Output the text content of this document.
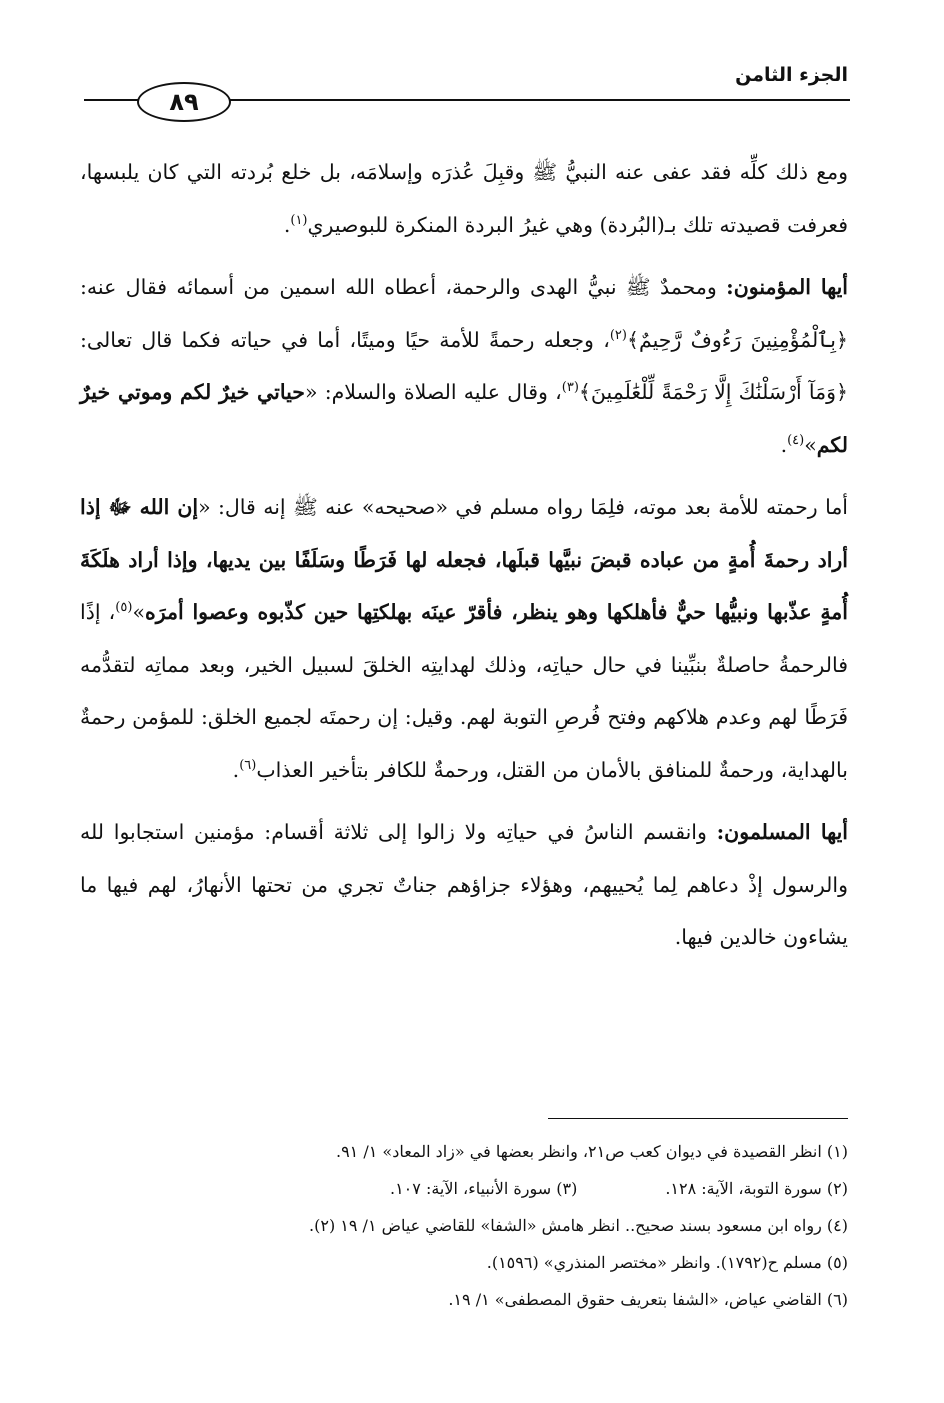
الجزء الثامن
٨٩

ومع ذلك كلِّه فقد عفى عنه النبيُّ ﷺ وقبِلَ عُذرَه وإسلامَه، بل خلع بُردته التي كان يلبسها، فعرفت قصيدته تلك بـ(البُردة) وهي غيرُ البردة المنكرة للبوصيري$^{(١)}$.

أيها المؤمنون: ومحمدٌ ﷺ نبيُّ الهدى والرحمة، أعطاه الله اسمين من أسمائه فقال عنه: ﴿بِٱلْمُؤْمِنِينَ رَءُوفٌ رَّحِيمٌ﴾$^{(٢)}$، وجعله رحمةً للأمة حيًا وميتًا، أما في حياته فكما قال تعالى: ﴿وَمَآ أَرْسَلْنَٰكَ إِلَّا رَحْمَةً لِّلْعَٰلَمِينَ﴾$^{(٣)}$، وقال عليه الصلاة والسلام: «حياتي خيرٌ لكم وموتي خيرٌ لكم»$^{(٤)}$.

أما رحمته للأمة بعد موته، فلِمَا رواه مسلم في «صحيحه» عنه ﷺ إنه قال: «إن الله ﷻ إذا أراد رحمةَ أُمةٍ من عباده قبضَ نبيَّها قبلَها، فجعله لها فَرَطًا وسَلَفًا بين يديها، وإذا أراد هلَكَةَ أُمةٍ عذّبها ونبيُّها حيٌّ فأهلكها وهو ينظر، فأقرّ عينَه بهلكتِها حين كذّبوه وعصوا أمرَه»$^{(٥)}$، إذًا فالرحمةُ حاصلةٌ بنبِّينا في حال حياتِه، وذلك لهدايتِه الخلقَ لسبيل الخير، وبعد مماتِه لتقدُّمه فَرَطًا لهم وعدم هلاكهم وفتح فُرصِ التوبة لهم. وقيل: إن رحمتَه لجميع الخلق: للمؤمن رحمةٌ بالهداية، ورحمةٌ للمنافق بالأمان من القتل، ورحمةٌ للكافر بتأخير العذاب$^{(٦)}$.

أيها المسلمون: وانقسم الناسُ في حياتِه ولا زالوا إلى ثلاثة أقسام: مؤمنين استجابوا لله والرسول إذْ دعاهم لِما يُحييهم، وهؤلاء جزاؤهم جناتٌ تجري من تحتها الأنهارُ، لهم فيها ما يشاءون خالدين فيها.

(١) انظر القصيدة في ديوان كعب ص٢١، وانظر بعضها في «زاد المعاد» ١/ ٩١.
(٢) سورة التوبة، الآية: ١٢٨.(٣) سورة الأنبياء، الآية: ١٠٧.
(٤) رواه ابن مسعود بسند صحيح.. انظر هامش «الشفا» للقاضي عياض ١/ ١٩ (٢).
(٥) مسلم ح(١٧٩٢). وانظر «مختصر المنذري» (١٥٩٦).
(٦) القاضي عياض، «الشفا بتعريف حقوق المصطفى» ١/ ١٩.
